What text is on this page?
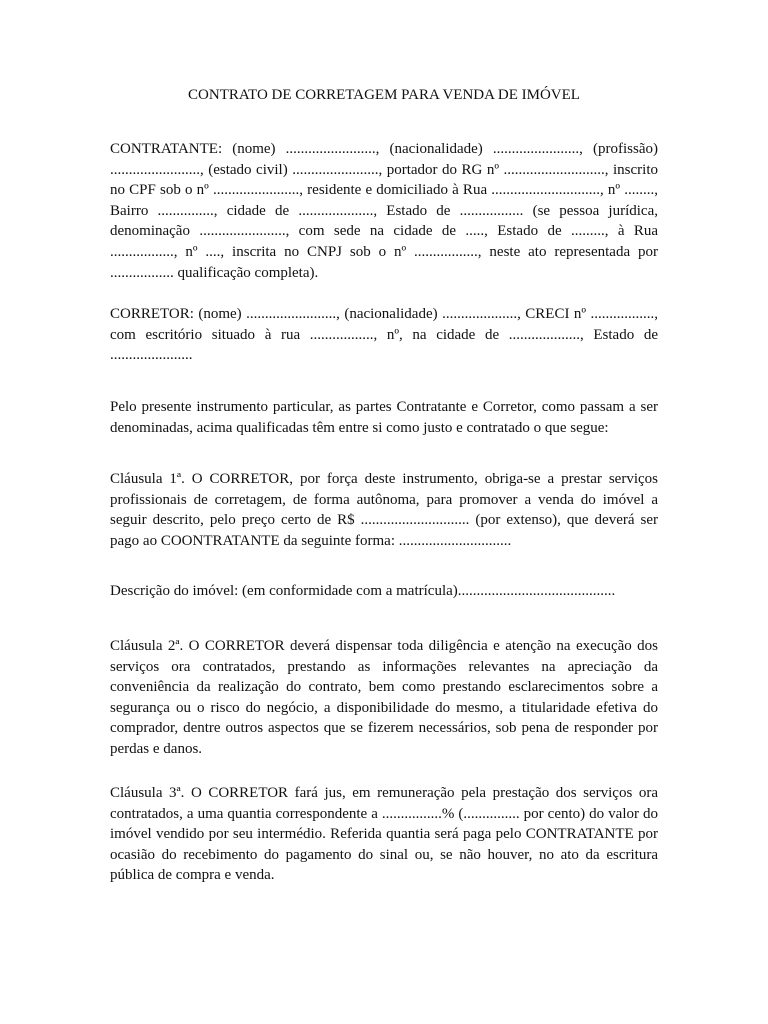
CONTRATO DE CORRETAGEM PARA VENDA DE IMÓVEL

CONTRATANTE: (nome) ........................, (nacionalidade) ......................., (profissão) ........................, (estado civil) ......................., portador do RG nº ..........................., inscrito no CPF sob o nº ......................., residente e domiciliado à Rua ............................., nº ........, Bairro ..............., cidade de ...................., Estado de ................. (se pessoa jurídica, denominação ......................., com sede na cidade de ....., Estado de ........., à Rua ................., nº ...., inscrita no CNPJ sob o nº ................., neste ato representada por ................. qualificação completa).

CORRETOR: (nome) ........................, (nacionalidade) ...................., CRECI nº ................., com escritório situado à rua ................., nº, na cidade de ..................., Estado de ......................

Pelo presente instrumento particular, as partes Contratante e Corretor, como passam a ser denominadas, acima qualificadas têm entre si como justo e contratado o que segue:

Cláusula 1ª. O CORRETOR, por força deste instrumento, obriga-se a prestar serviços profissionais de corretagem, de forma autônoma, para promover a venda do imóvel a seguir descrito, pelo preço certo de R$ ............................. (por extenso), que deverá ser pago ao COONTRATANTE da seguinte forma: ..............................

Descrição do imóvel: (em conformidade com a matrícula)..........................................

Cláusula 2ª. O CORRETOR deverá dispensar toda diligência e atenção na execução dos serviços ora contratados, prestando as informações relevantes na apreciação da conveniência da realização do contrato, bem como prestando esclarecimentos sobre a segurança ou o risco do negócio, a disponibilidade do mesmo, a titularidade efetiva do comprador, dentre outros aspectos que se fizerem necessários, sob pena de responder por perdas e danos.

Cláusula 3ª. O CORRETOR fará jus, em remuneração pela prestação dos serviços ora contratados, a uma quantia correspondente a ................% (............... por cento) do valor do imóvel vendido por seu intermédio. Referida quantia será paga pelo CONTRATANTE por ocasião do recebimento do pagamento do sinal ou, se não houver, no ato da escritura pública de compra e venda.
